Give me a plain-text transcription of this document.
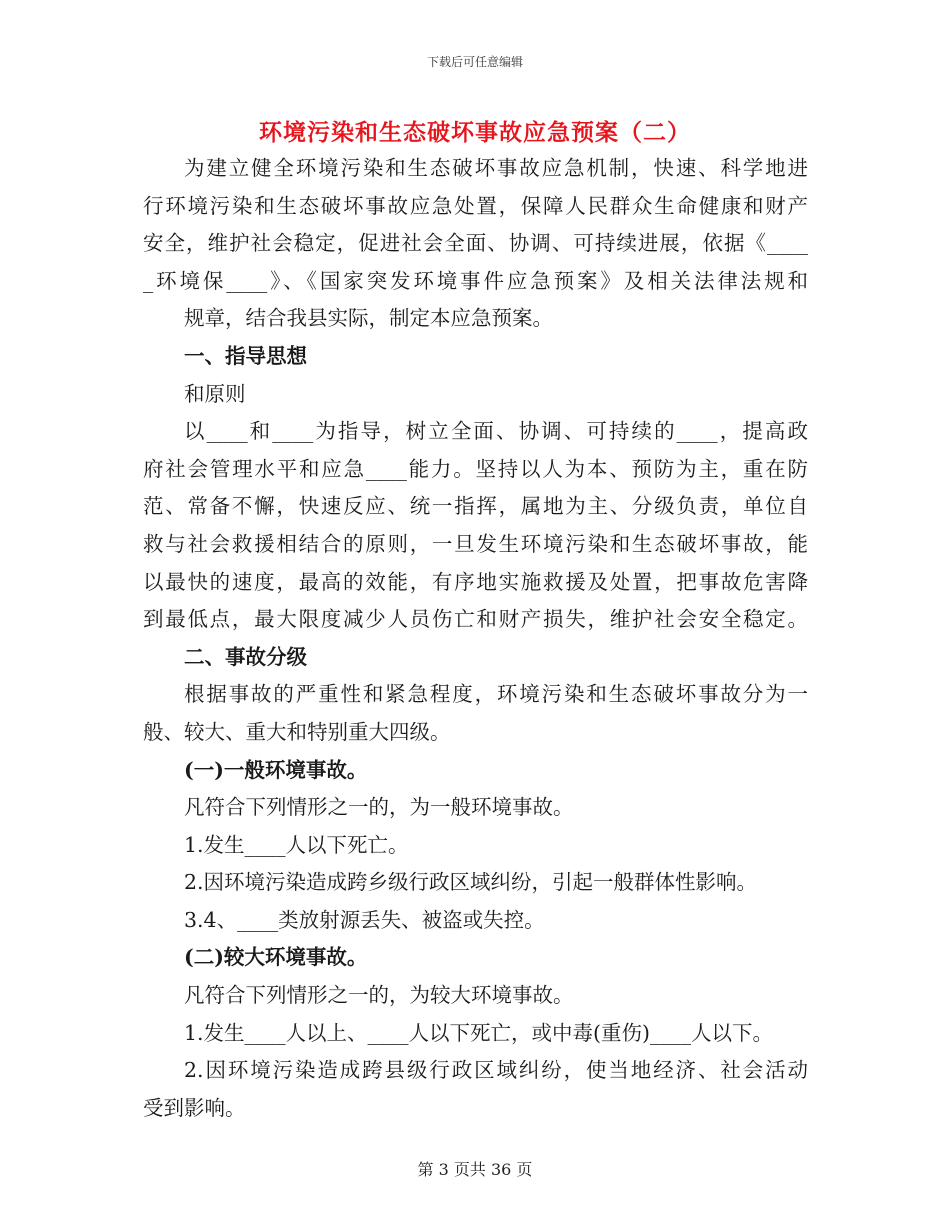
下载后可任意编辑
环境污染和生态破坏事故应急预案（二）
为建立健全环境污染和生态破坏事故应急机制，快速、科学地进
行环境污染和生态破坏事故应急处置，保障人民群众生命健康和财产
安全，维护社会稳定，促进社会全面、协调、可持续进展，依据《____
_环境保____》、《国家突发环境事件应急预案》及相关法律法规和
规章，结合我县实际，制定本应急预案。
一、指导思想
和原则
以____和____为指导，树立全面、协调、可持续的____，提高政
府社会管理水平和应急____能力。坚持以人为本、预防为主，重在防
范、常备不懈，快速反应、统一指挥，属地为主、分级负责，单位自
救与社会救援相结合的原则，一旦发生环境污染和生态破坏事故，能
以最快的速度，最高的效能，有序地实施救援及处置，把事故危害降
到最低点，最大限度减少人员伤亡和财产损失，维护社会安全稳定。
二、事故分级
根据事故的严重性和紧急程度，环境污染和生态破坏事故分为一
般、较大、重大和特别重大四级。
(一)一般环境事故。
凡符合下列情形之一的，为一般环境事故。
1.发生____人以下死亡。
2.因环境污染造成跨乡级行政区域纠纷，引起一般群体性影响。
3.4、____类放射源丢失、被盗或失控。
(二)较大环境事故。
凡符合下列情形之一的，为较大环境事故。
1.发生____人以上、____人以下死亡，或中毒(重伤)____人以下。
2.因环境污染造成跨县级行政区域纠纷，使当地经济、社会活动
受到影响。
第 3 页共 36 页
